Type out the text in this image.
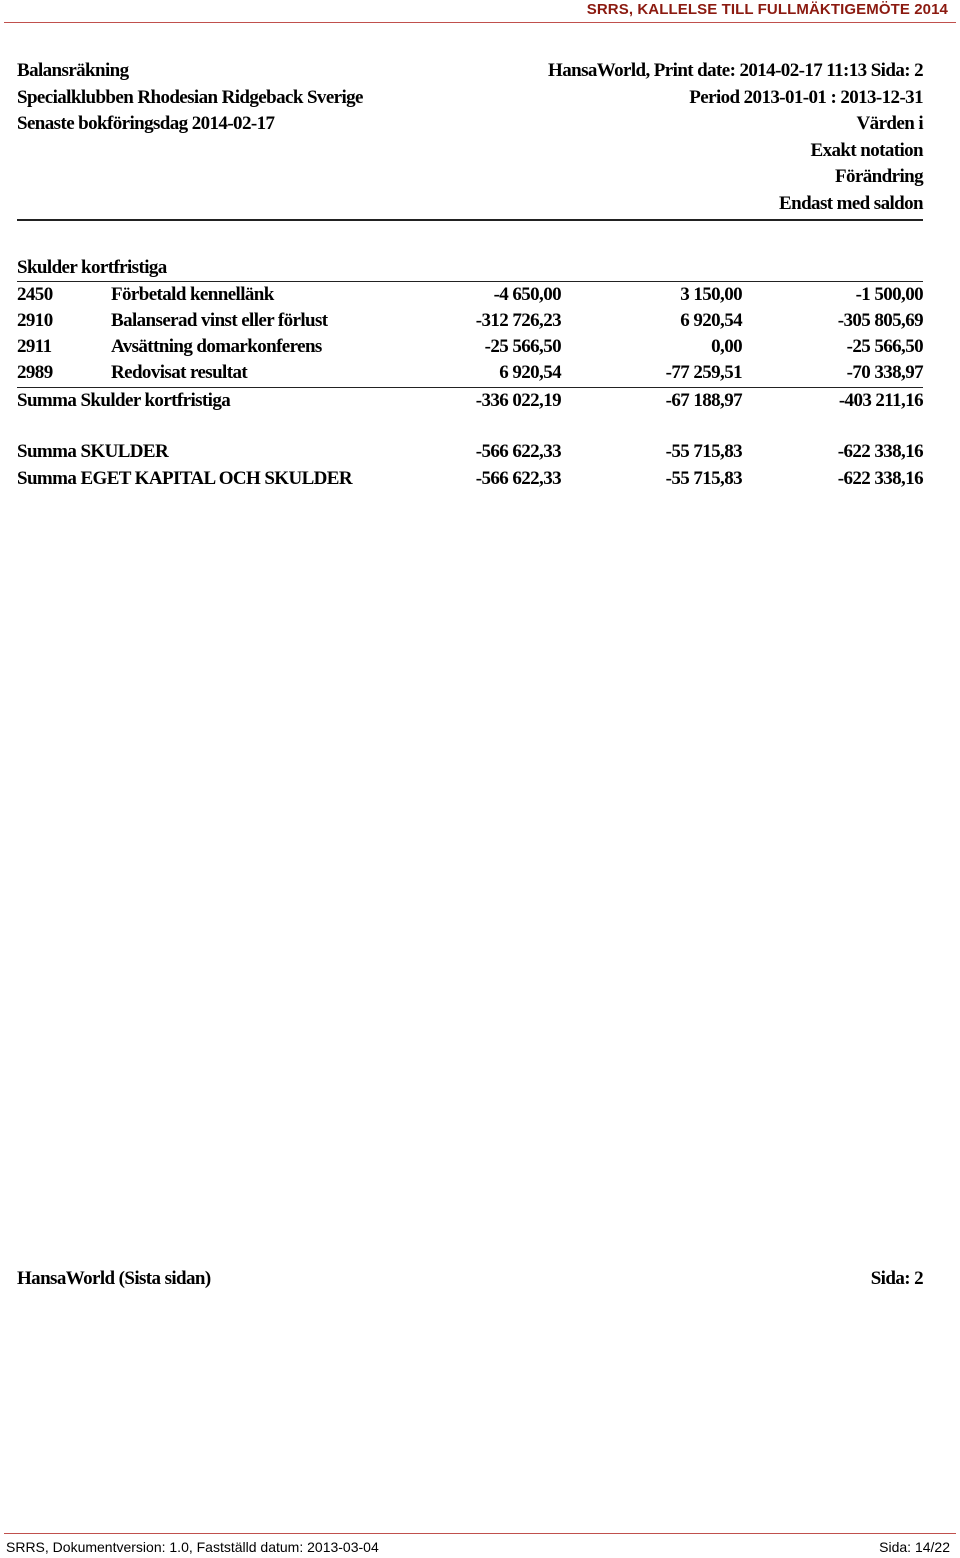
SRRS, KALLELSE TILL FULLMÄKTIGEMÖTE 2014
Balansräkning
Specialklubben Rhodesian Ridgeback Sverige
Senaste bokföringsdag 2014-02-17
HansaWorld, Print date: 2014-02-17 11:13 Sida: 2
Period 2013-01-01 : 2013-12-31
Värden i
Exakt notation
Förändring
Endast med saldon
Skulder kortfristiga
2450	Förbetald kennellänk	-4 650,00	3 150,00	-1 500,00
2910	Balanserad vinst eller förlust	-312 726,23	6 920,54	-305 805,69
2911	Avsättning domarkonferens	-25 566,50	0,00	-25 566,50
2989	Redovisat resultat	6 920,54	-77 259,51	-70 338,97
Summa Skulder kortfristiga	-336 022,19	-67 188,97	-403 211,16
Summa SKULDER	-566 622,33	-55 715,83	-622 338,16
Summa EGET KAPITAL OCH SKULDER	-566 622,33	-55 715,83	-622 338,16
HansaWorld (Sista sidan)	Sida: 2
SRRS, Dokumentversion: 1.0, Fastställd datum: 2013-03-04	Sida: 14/22
